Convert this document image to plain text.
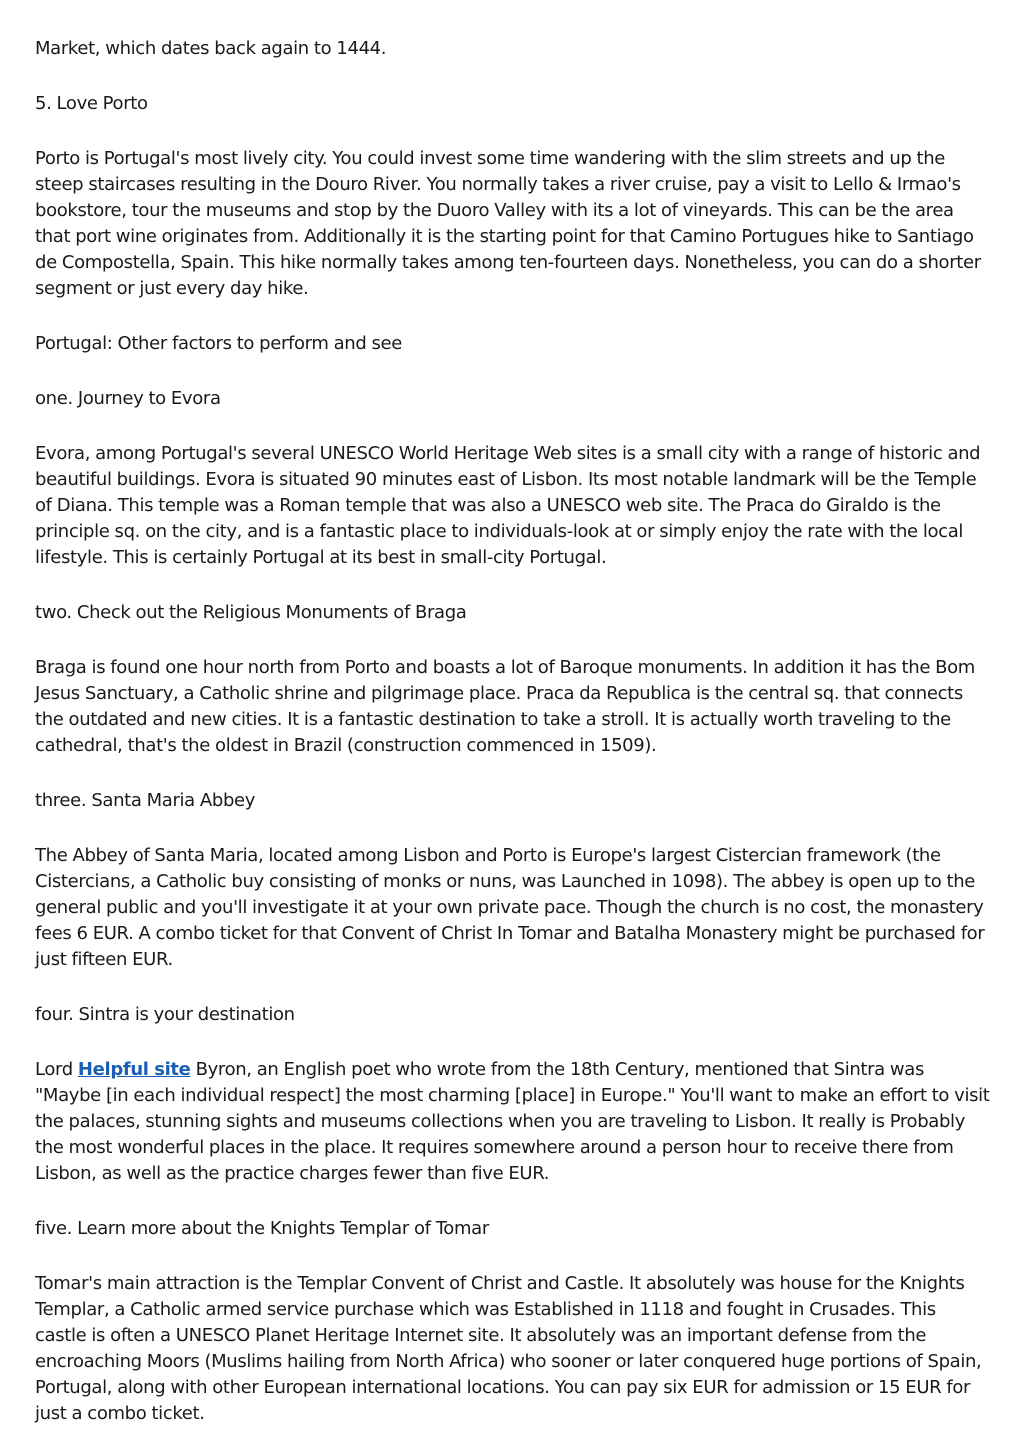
Market, which dates back again to 1444.

5. Love Porto

Porto is Portugal's most lively city. You could invest some time wandering with the slim streets and up the steep staircases resulting in the Douro River. You normally takes a river cruise, pay a visit to Lello & Irmao's bookstore, tour the museums and stop by the Duoro Valley with its a lot of vineyards. This can be the area that port wine originates from. Additionally it is the starting point for that Camino Portugues hike to Santiago de Compostella, Spain. This hike normally takes among ten-fourteen days. Nonetheless, you can do a shorter segment or just every day hike.

Portugal: Other factors to perform and see

one. Journey to Evora

Evora, among Portugal's several UNESCO World Heritage Web sites is a small city with a range of historic and beautiful buildings. Evora is situated 90 minutes east of Lisbon. Its most notable landmark will be the Temple of Diana. This temple was a Roman temple that was also a UNESCO web site. The Praca do Giraldo is the principle sq. on the city, and is a fantastic place to individuals-look at or simply enjoy the rate with the local lifestyle. This is certainly Portugal at its best in small-city Portugal.

two. Check out the Religious Monuments of Braga

Braga is found one hour north from Porto and boasts a lot of Baroque monuments. In addition it has the Bom Jesus Sanctuary, a Catholic shrine and pilgrimage place. Praca da Republica is the central sq. that connects the outdated and new cities. It is a fantastic destination to take a stroll. It is actually worth traveling to the cathedral, that's the oldest in Brazil (construction commenced in 1509).

three. Santa Maria Abbey

The Abbey of Santa Maria, located among Lisbon and Porto is Europe's largest Cistercian framework (the Cistercians, a Catholic buy consisting of monks or nuns, was Launched in 1098). The abbey is open up to the general public and you'll investigate it at your own private pace. Though the church is no cost, the monastery fees 6 EUR. A combo ticket for that Convent of Christ In Tomar and Batalha Monastery might be purchased for just fifteen EUR.

four. Sintra is your destination

Lord Helpful site Byron, an English poet who wrote from the 18th Century, mentioned that Sintra was "Maybe [in each individual respect] the most charming [place] in Europe." You'll want to make an effort to visit the palaces, stunning sights and museums collections when you are traveling to Lisbon. It really is Probably the most wonderful places in the place. It requires somewhere around a person hour to receive there from Lisbon, as well as the practice charges fewer than five EUR.

five. Learn more about the Knights Templar of Tomar

Tomar's main attraction is the Templar Convent of Christ and Castle. It absolutely was house for the Knights Templar, a Catholic armed service purchase which was Established in 1118 and fought in Crusades. This castle is often a UNESCO Planet Heritage Internet site. It absolutely was an important defense from the encroaching Moors (Muslims hailing from North Africa) who sooner or later conquered huge portions of Spain, Portugal, along with other European international locations. You can pay six EUR for admission or 15 EUR for just a combo ticket.
